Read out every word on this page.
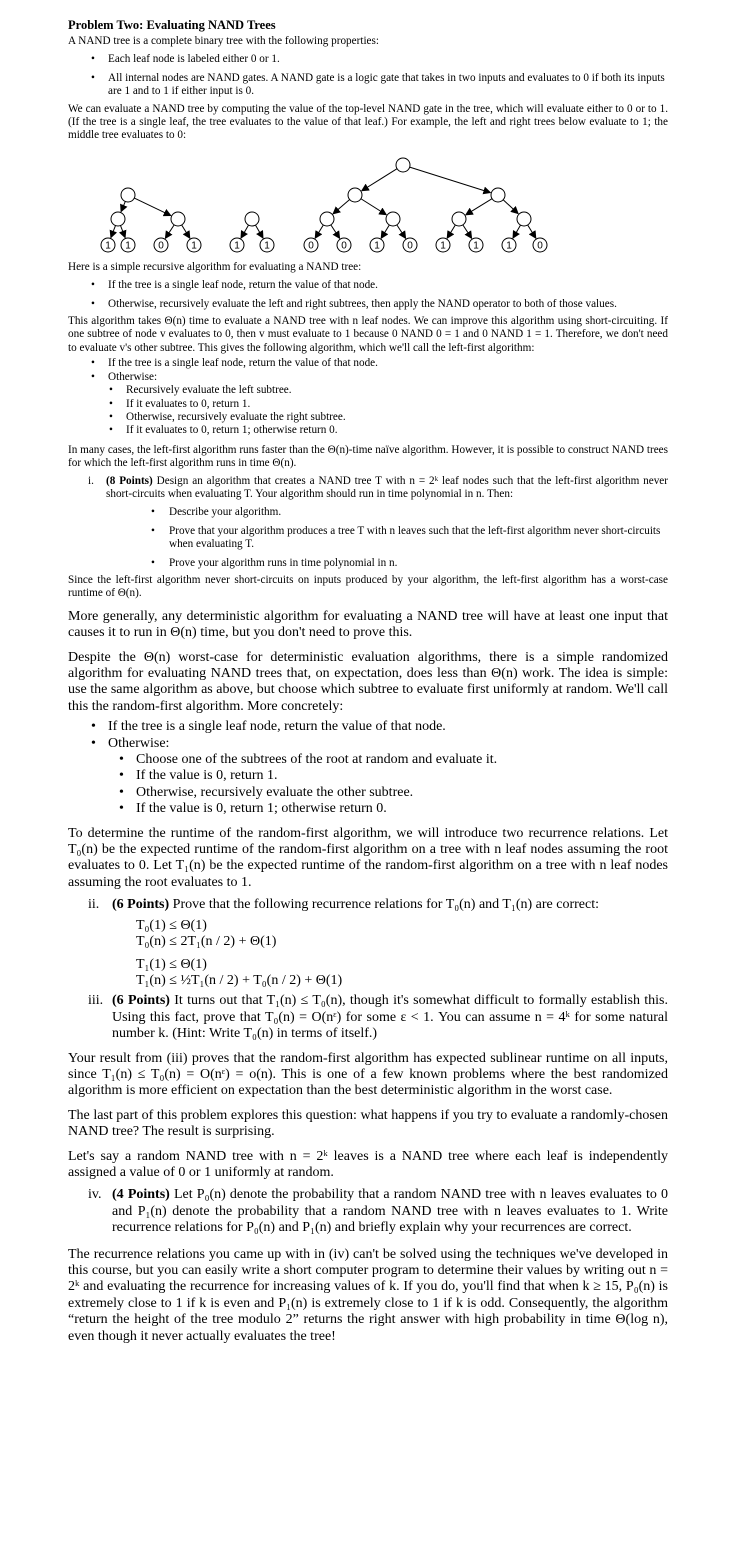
Problem Two: Evaluating NAND Trees

A NAND tree is a complete binary tree with the following properties:

• Each leaf node is labeled either 0 or 1.
• All internal nodes are NAND gates. A NAND gate is a logic gate that takes in two inputs and evaluates to 0 if both its inputs are 1 and to 1 if either input is 0.

We can evaluate a NAND tree by computing the value of the top-level NAND gate in the tree, which will evaluate either to 0 or to 1. (If the tree is a single leaf, the tree evaluates to the value of that leaf.) For example, the left and right trees below evaluate to 1; the middle tree evaluates to 0:

1 1	0	1	1 1	0	0	1	0	1	1	1	0

Here is a simple recursive algorithm for evaluating a NAND tree:

• If the tree is a single leaf node, return the value of that node.
• Otherwise, recursively evaluate the left and right subtrees, then apply the NAND operator to both of those values.

This algorithm takes Θ(n) time to evaluate a NAND tree with n leaf nodes. We can improve this algorithm using short-circuiting. If one subtree of node v evaluates to 0, then v must evaluate to 1 because 0 NAND 0 = 1 and 0 NAND 1 = 1. Therefore, we don't need to evaluate v's other subtree. This gives the following algorithm, which we'll call the left-first algorithm:

• If the tree is a single leaf node, return the value of that node.
• Otherwise:
• Recursively evaluate the left subtree.
• If it evaluates to 0, return 1.
• Otherwise, recursively evaluate the right subtree.
• If it evaluates to 0, return 1; otherwise return 0.

In many cases, the left-first algorithm runs faster than the Θ(n)-time naïve algorithm. However, it is possible to construct NAND trees for which the left-first algorithm runs in time Θ(n).

i.	(8 Points) Design an algorithm that creates a NAND tree T with n = 2ᵏ leaf nodes such that the left-first algorithm never short-circuits when evaluating T. Your algorithm should run in time polynomial in n. Then:

• Describe your algorithm.
• Prove that your algorithm produces a tree T with n leaves such that the left-first algorithm never short-circuits when evaluating T.
• Prove your algorithm runs in time polynomial in n.

Since the left-first algorithm never short-circuits on inputs produced by your algorithm, the left-first algorithm has a worst-case runtime of Θ(n).

More generally, any deterministic algorithm for evaluating a NAND tree will have at least one input that causes it to run in Θ(n) time, but you don't need to prove this.

Despite the Θ(n) worst-case for deterministic evaluation algorithms, there is a simple randomized algorithm for evaluating NAND trees that, on expectation, does less than Θ(n) work. The idea is simple: use the same algorithm as above, but choose which subtree to evaluate first uniformly at random. We'll call this the random-first algorithm. More concretely:

• If the tree is a single leaf node, return the value of that node.
• Otherwise:
• Choose one of the subtrees of the root at random and evaluate it.
• If the value is 0, return 1.
• Otherwise, recursively evaluate the other subtree.
• If the value is 0, return 1; otherwise return 0.

To determine the runtime of the random-first algorithm, we will introduce two recurrence relations. Let T₀(n) be the expected runtime of the random-first algorithm on a tree with n leaf nodes assuming the root evaluates to 0. Let T₁(n) be the expected runtime of the random-first algorithm on a tree with n leaf nodes assuming the root evaluates to 1.

ii. (6 Points) Prove that the following recurrence relations for T₀(n) and T₁(n) are correct:

T₀(1) ≤ Θ(1)
T₀(n) ≤ 2T₁(n / 2) + Θ(1)
T₁(1) ≤ Θ(1)
T₁(n) ≤ ½T₁(n / 2) + T₀(n / 2) + Θ(1)
iii. (6 Points) It turns out that T₁(n) ≤ T₀(n), though it's somewhat difficult to formally establish this. Using this fact, prove that T₀(n) = O(nᵋ) for some ε < 1. You can assume n = 4ᵏ for some natural number k. (Hint: Write T₀(n) in terms of itself.)

Your result from (iii) proves that the random-first algorithm has expected sublinear runtime on all inputs, since T₁(n) ≤ T₀(n) = O(nᵋ) = o(n). This is one of a few known problems where the best randomized algorithm is more efficient on expectation than the best deterministic algorithm in the worst case.

The last part of this problem explores this question: what happens if you try to evaluate a randomly-chosen NAND tree? The result is surprising.

Let's say a random NAND tree with n = 2ᵏ leaves is a NAND tree where each leaf is independently assigned a value of 0 or 1 uniformly at random.

iv. (4 Points) Let P₀(n) denote the probability that a random NAND tree with n leaves evaluates to 0 and P₁(n) denote the probability that a random NAND tree with n leaves evaluates to 1. Write recurrence relations for P₀(n) and P₁(n) and briefly explain why your recurrences are correct.

The recurrence relations you came up with in (iv) can't be solved using the techniques we've developed in this course, but you can easily write a short computer program to determine their values by writing out n = 2ᵏ and evaluating the recurrence for increasing values of k. If you do, you'll find that when k ≥ 15, P₀(n) is extremely close to 1 if k is even and P₁(n) is extremely close to 1 if k is odd. Consequently, the algorithm “return the height of the tree modulo 2” returns the right answer with high probability in time Θ(log n), even though it never actually evaluates the tree!
